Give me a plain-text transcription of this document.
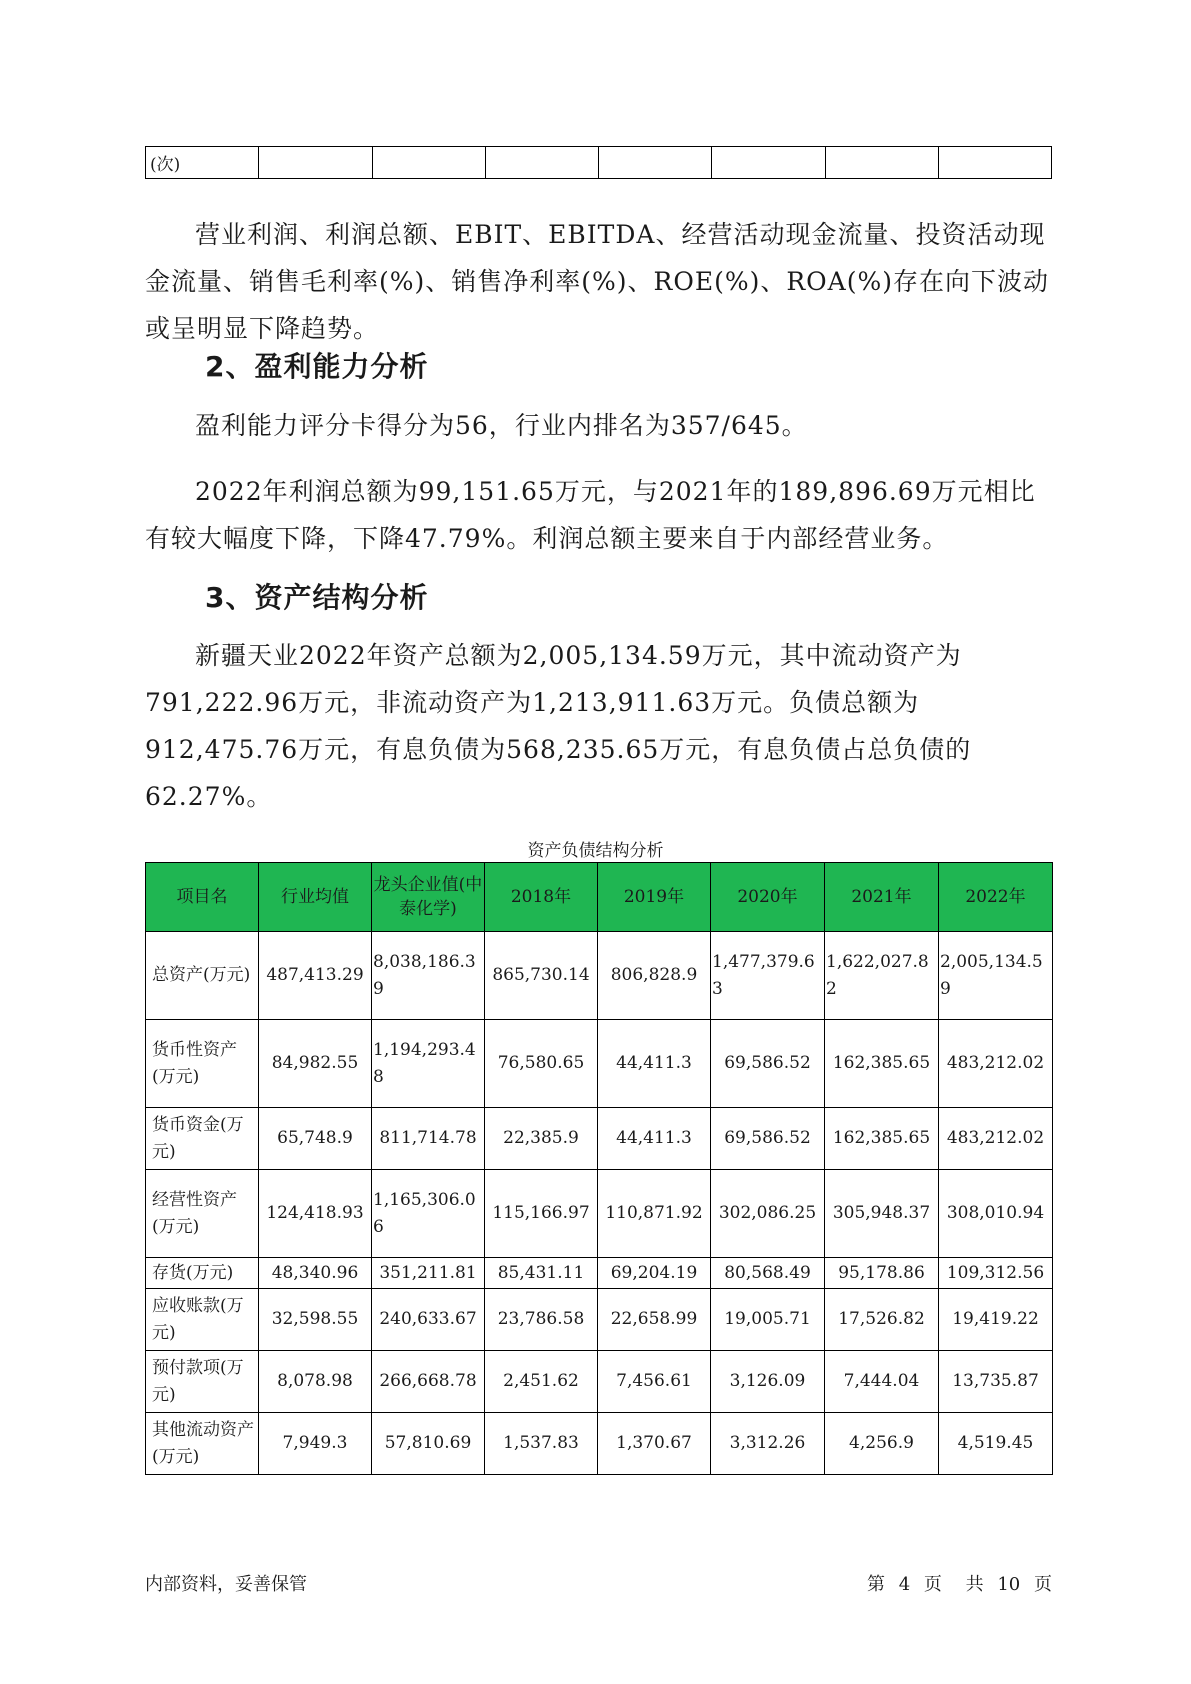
(次)							

营业利润、利润总额、EBIT、EBITDA、经营活动现金流量、投资活动现金流量、销售毛利率(%)、销售净利率(%)、ROE(%)、ROA(%)存在向下波动或呈明显下降趋势。

2、盈利能力分析

盈利能力评分卡得分为56，行业内排名为357/645。

2022年利润总额为99,151.65万元，与2021年的189,896.69万元相比有较大幅度下降，下降47.79%。利润总额主要来自于内部经营业务。

3、资产结构分析

新疆天业2022年资产总额为2,005,134.59万元，其中流动资产为791,222.96万元，非流动资产为1,213,911.63万元。负债总额为912,475.76万元，有息负债为568,235.65万元，有息负债占总负债的62.27%。

资产负债结构分析
项目名	行业均值	龙头企业值(中泰化学)	2018年	2019年	2020年	2021年	2022年
总资产(万元)	487,413.29	8,038,186.39	865,730.14	806,828.9	1,477,379.63	1,622,027.82	2,005,134.59
货币性资产(万元)	84,982.55	1,194,293.48	76,580.65	44,411.3	69,586.52	162,385.65	483,212.02
货币资金(万元)	65,748.9	811,714.78	22,385.9	44,411.3	69,586.52	162,385.65	483,212.02
经营性资产(万元)	124,418.93	1,165,306.06	115,166.97	110,871.92	302,086.25	305,948.37	308,010.94
存货(万元)	48,340.96	351,211.81	85,431.11	69,204.19	80,568.49	95,178.86	109,312.56
应收账款(万元)	32,598.55	240,633.67	23,786.58	22,658.99	19,005.71	17,526.82	19,419.22
预付款项(万元)	8,078.98	266,668.78	2,451.62	7,456.61	3,126.09	7,444.04	13,735.87
其他流动资产(万元)	7,949.3	57,810.69	1,537.83	1,370.67	3,312.26	4,256.9	4,519.45
内部资料，妥善保管	第 4 页 共 10 页
